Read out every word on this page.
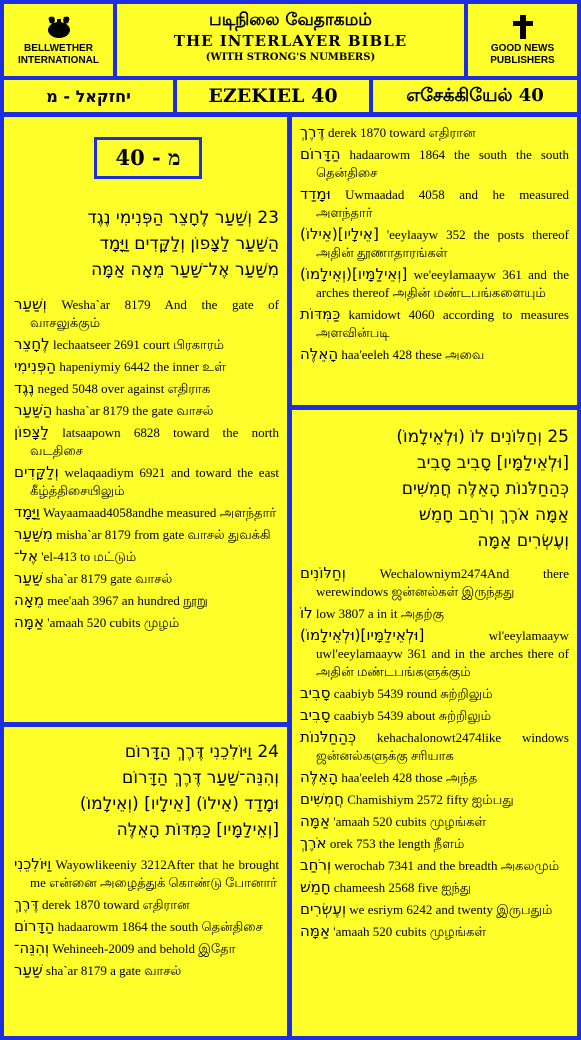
BELLWETHER
INTERNATIONAL
படிநிலை வேதாகமம்
THE INTERLAYER BIBLE
(WITH STRONG'S NUMBERS)
GOOD NEWS
PUBLISHERS
יחזקאל - מ	EZEKIEL 40	எசேக்கியேல் 40
מ - 40

23 וְשַׁעַר לֶחָצֵר הַפְּנִימִי נֶגֶד

הַשַּׁעַר לַצָּפוֹן וְלַקָּדִים וַיָּמָד

מִשַּׁעַר אֶל־שַׁעַר מֵאָה אַמָּה

וְשַׁעַר Wesha`ar 8179 And the gate of வாசலுக்கும்

לֶחָצֵר lechaatseer 2691 court பிரகாரம்

הַפְּנִימִי hapeniymiy 6442 the inner உள்

נֶגֶד neged 5048 over against எதிராக

הַשַּׁעַר hasha`ar 8179 the gate வாசல்

לַצָּפוֹן latsaapown 6828 toward the north வடதிசை

וְלַקָּדִים welaqaadiym 6921 and toward the east கீழ்த்திசையிலும்

וַיָּמָד Wayaamaad4058andhe measured அளந்தார்

מִשַּׁעַר misha`ar 8179 from gate வாசல் துவக்கி

אֶל־ 'el-413 to மட்டும்

שַׁעַר sha`ar 8179 gate வாசல்

מֵאָה mee'aah 3967 an hundred நூறு

אַמָּה 'amaah 520 cubits முழம்

24 וַיּוֹלִכֵנִי דֶּרֶךְ הַדָּרוֹם

וְהִנֵּה־שַׁעַר דֶּרֶךְ הַדָּרוֹם

וּמָדַד (אֵילוֹ) [אֵילָיו] (וְאֵילָמוֹ)

[וְאֵילַמָּיו] כַּמִּדּוֹת הָאֵלֶּה

וַיּוֹלִכֵנִי Wayowlikeeniy 3212After that he brought me என்னை அழைத்துக் கொண்டு போனார்

דֶּרֶךְ derek 1870 toward எதிரான

הַדָּרוֹם hadaarowm 1864 the south தென்திசை

וְהִנֵּה־ Wehineeh-2009 and behold இதோ

שַׁעַר sha`ar 8179 a gate வாசல்

דֶּרֶךְ derek 1870 toward எதிரான

הַדָּרוֹם hadaarowm 1864 the south the south தென்திசை

וּמָדַד Uwmaadad 4058 and he measured அளந்தார்

(אֵילוֹ)[אֵילָיו] 'eeylaayw 352 the posts thereof அதின் தூணாதாரங்கள்

(וְאֵילָמוֹ)[וְאֵילַמָּיו] we'eeylamaayw 361 and the arches thereof அதின் மண்டபங்களையும்

כַּמִּדּוֹת kamidowt 4060 according to measures அளவின்படி

הָאֵלֶּה haa'eeleh 428 these அவை

25 וְחַלּוֹנִים לוֹ (וּלְאֵילָמוֹ)

[וּלְאֵילַמָּיו] סָבִיב סָבִיב

כְּהַחַלֹּנוֹת הָאֵלֶּה חֲמִשִּׁים

אַמָּה אֹרֶךְ וְרֹחַב חָמֵשׁ

וְעֶשְׂרִים אַמָּה

וְחַלּוֹנִים	Wechalowniym2474And there werewindows ஜன்னல்கள் இருந்தது

לוֹ low 3807 a in it அதற்கு

(וּלְאֵילָמוֹ)[וּלְאֵילַמָּיו]	wl'eeylamaayw uwl'eeylamaayw 361 and in the arches there of அதின் மண்டபங்களுக்கும்

סָבִיב caabiyb 5439 round சுற்றிலும்

סָבִיב caabiyb 5439 about சுற்றிலும்

כְּהַחַלֹּנוֹת kehachalonowt2474like windows ஜன்னல்களுக்கு சரியாக

הָאֵלֶּה haa'eeleh 428 those அந்த

חֲמִשִּׁים Chamishiym 2572 fifty ஐம்பது

אַמָּה 'amaah 520 cubits முழங்கள்

אֹרֶךְ orek 753 the length நீளம்

וְרֹחַב werochab 7341 and the breadth அகலமும்

חָמֵשׁ chameesh 2568 five ஐந்து

וְעֶשְׂרִים we esriym 6242 and twenty இருபதும்

אַמָּה 'amaah 520 cubits முழங்கள்
